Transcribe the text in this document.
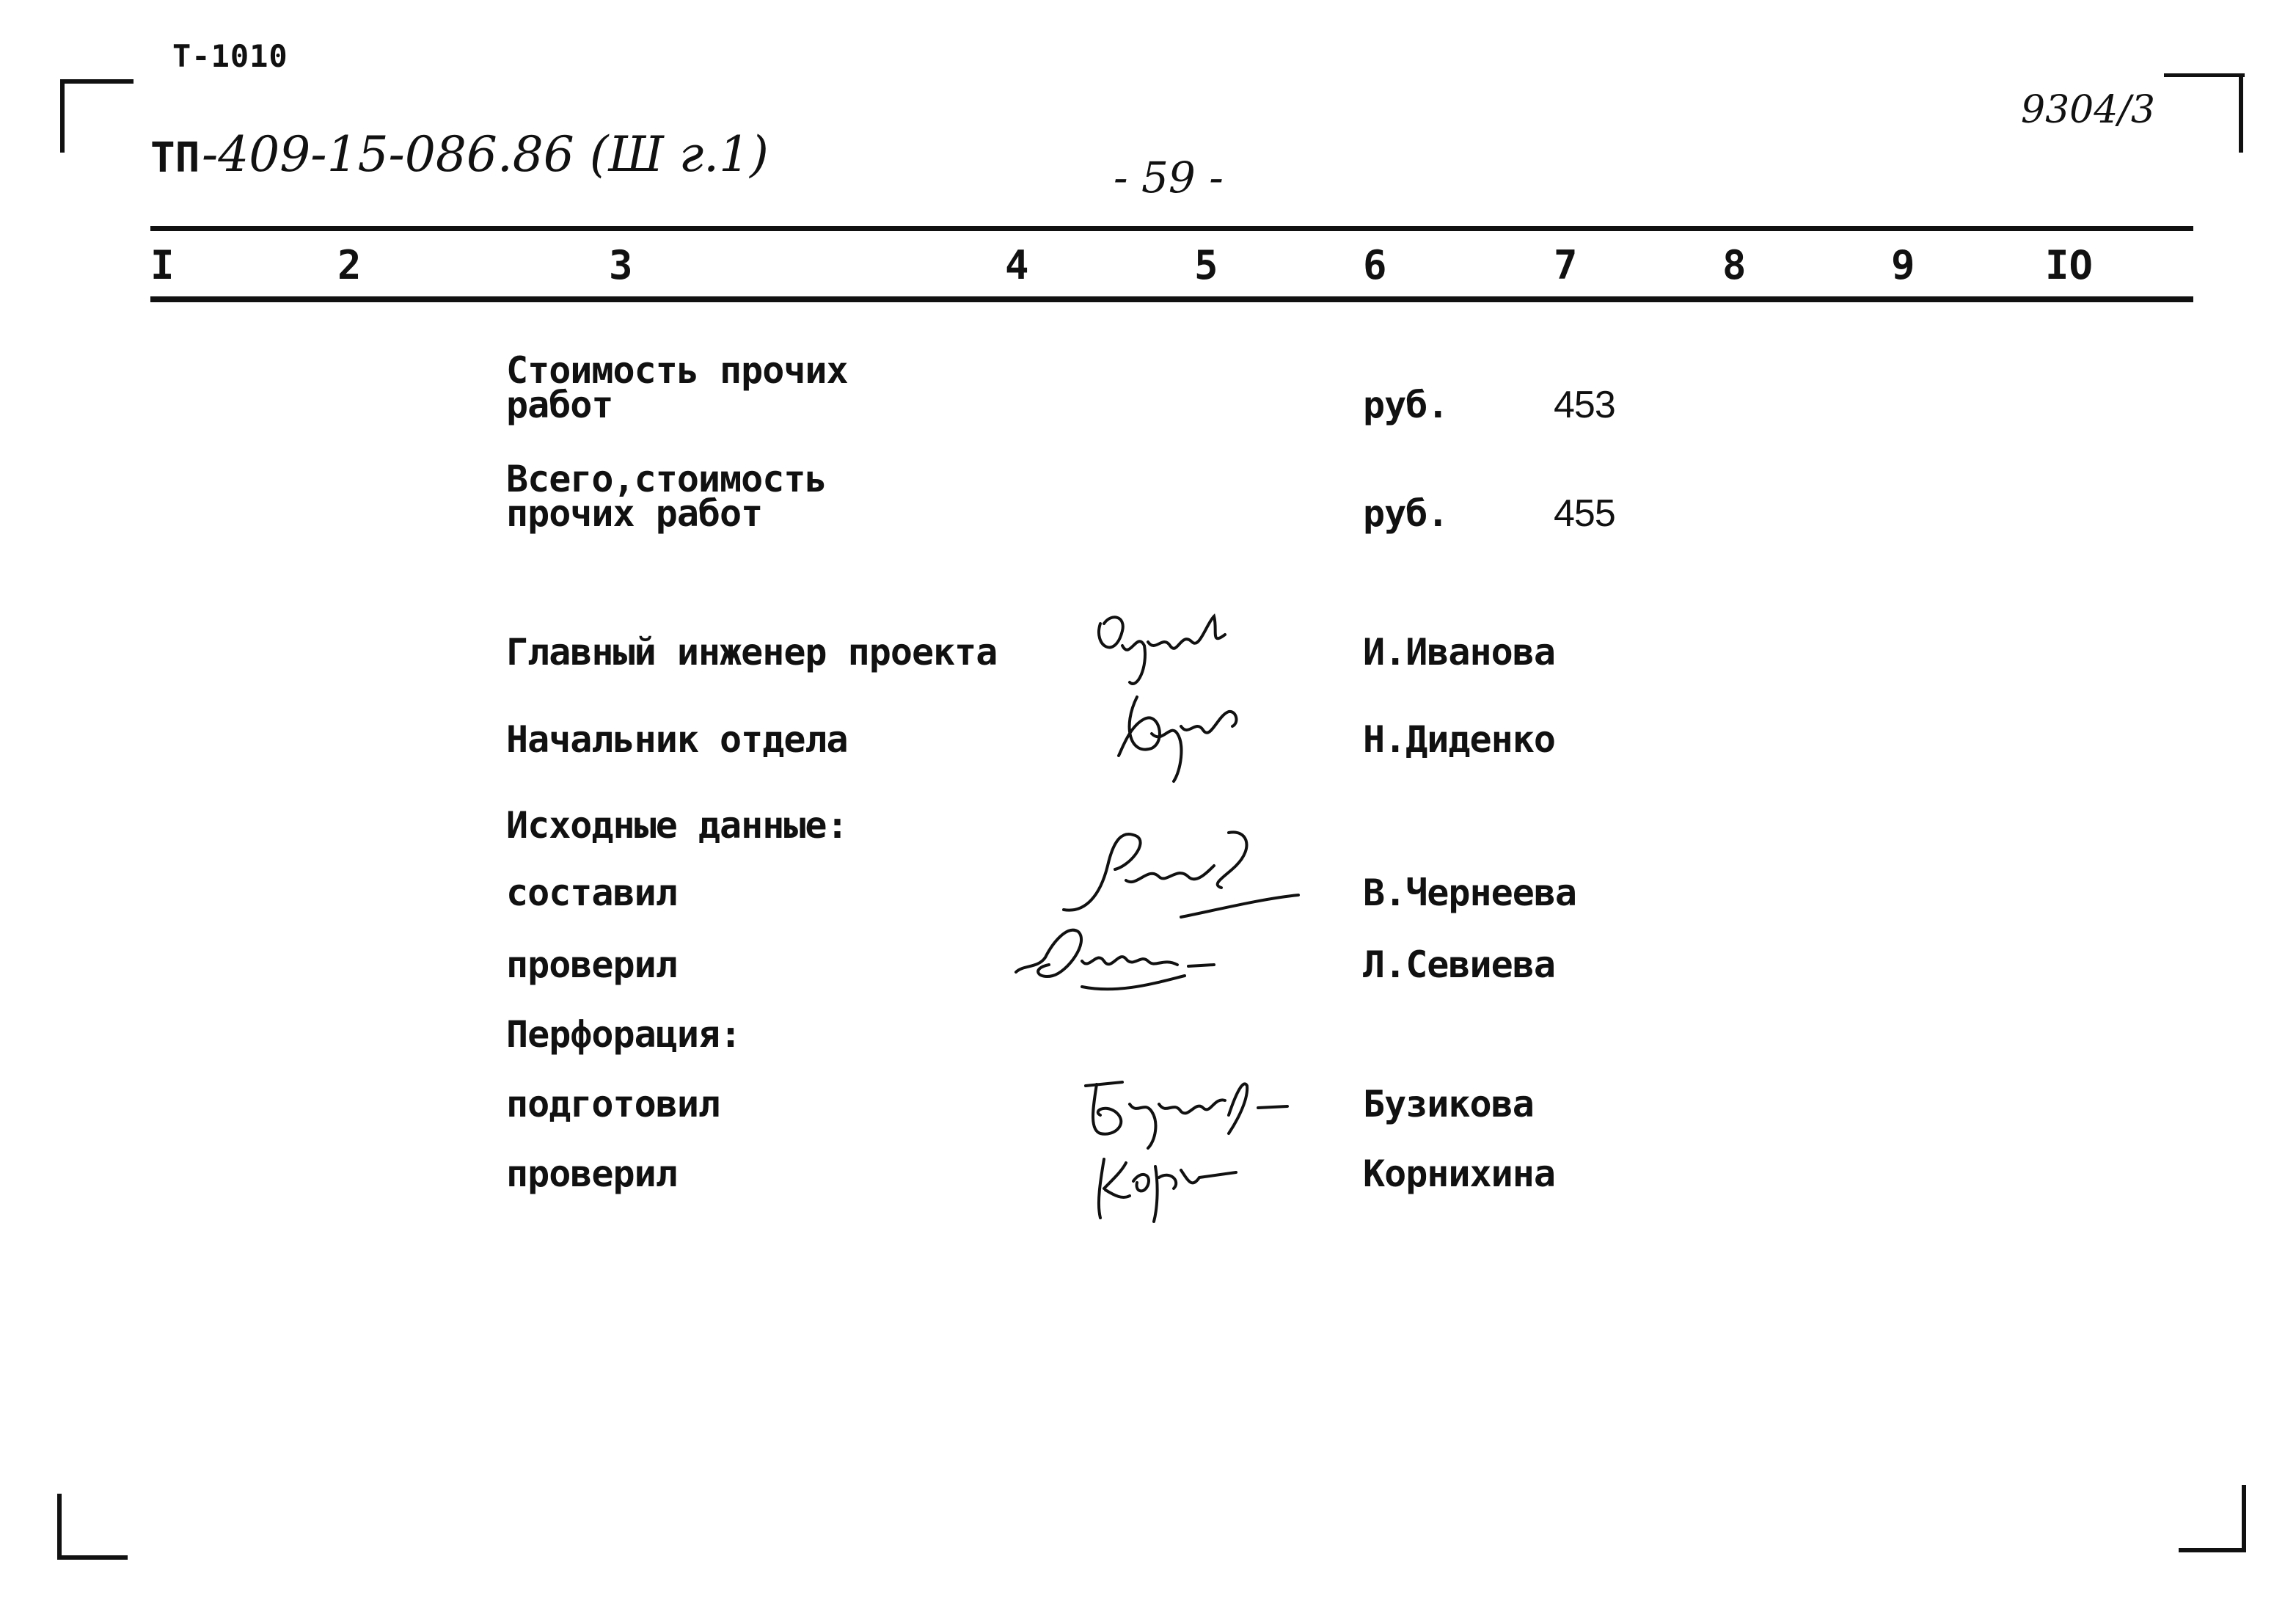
Т-1010
ТП -409-15-086.86 (Ш г.1)	- 59 -
9304/3
I	2	3	4	5	6	7	8	9	IO
Стоимость прочих
работ	руб.	453
Всего,стоимость
прочих работ	руб.	455
Главный инженер проекта	И.Иванова
Начальник отдела	Н.Диденко
Исходные данные:
составил	В.Чернеева
проверил	Л.Севиева
Перфорация:
подготовил	Бузикова
проверил	Корнихина
